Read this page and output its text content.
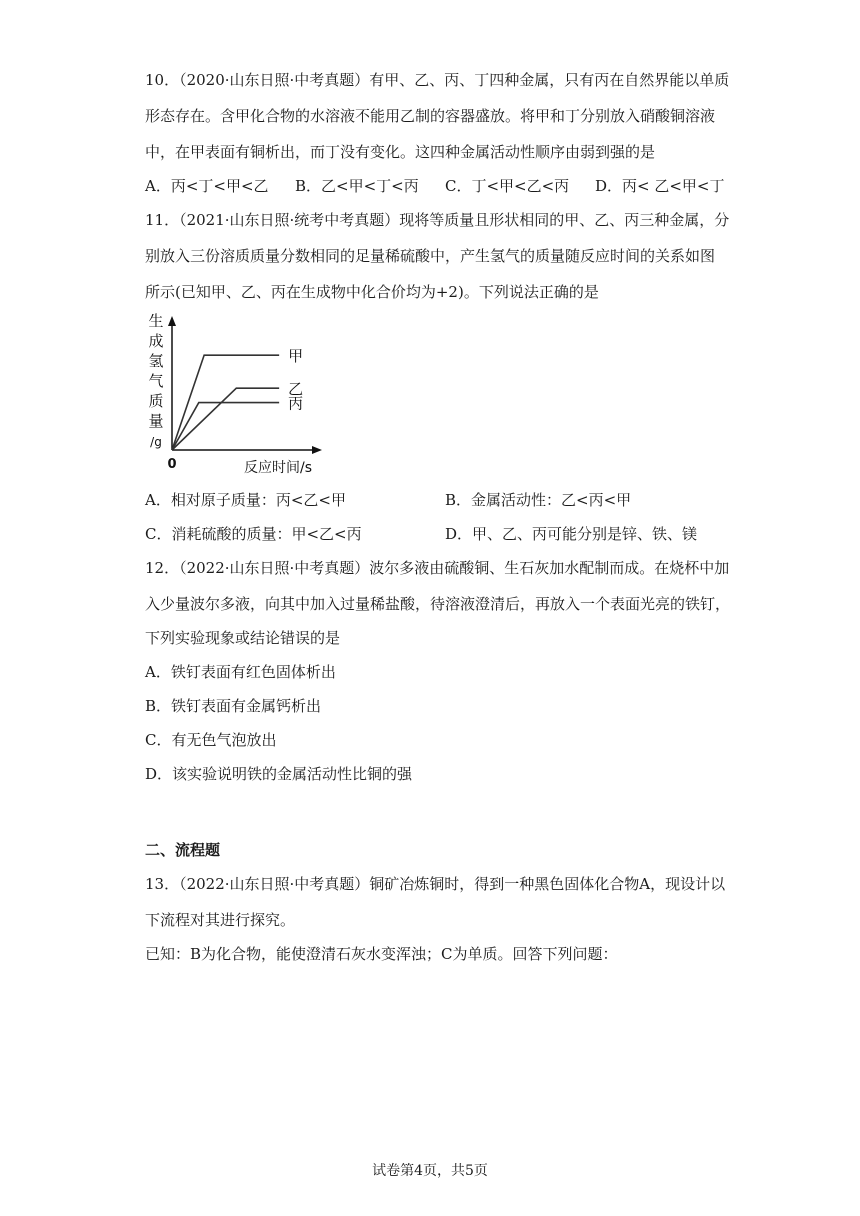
10．（2020·山东日照·中考真题）有甲、乙、丙、丁四种金属，只有丙在自然界能以单质
形态存在。含甲化合物的水溶液不能用乙制的容器盛放。将甲和丁分别放入硝酸铜溶液
中，在甲表面有铜析出，而丁没有变化。这四种金属活动性顺序由弱到强的是
A．丙<丁<甲<乙 B．乙<甲<丁<丙 C．丁<甲<乙<丙 D．丙< 乙<甲<丁
11．（2021·山东日照·统考中考真题）现将等质量且形状相同的甲、乙、丙三种金属，分
别放入三份溶质质量分数相同的足量稀硫酸中，产生氢气的质量随反应时间的关系如图
所示(已知甲、乙、丙在生成物中化合价均为+2)。下列说法正确的是
生
成
氢
气
质
量
/g
0	反应时间/s
甲
乙
丙
A．相对原子质量：丙<乙<甲	B．金属活动性：乙<丙<甲
C．消耗硫酸的质量：甲<乙<丙	D．甲、乙、丙可能分别是锌、铁、镁
12．（2022·山东日照·中考真题）波尔多液由硫酸铜、生石灰加水配制而成。在烧杯中加
入少量波尔多液，向其中加入过量稀盐酸，待溶液澄清后，再放入一个表面光亮的铁钉，
下列实验现象或结论错误的是
A．铁钉表面有红色固体析出
B．铁钉表面有金属钙析出
C．有无色气泡放出
D．该实验说明铁的金属活动性比铜的强
二、流程题
13．（2022·山东日照·中考真题）铜矿冶炼铜时，得到一种黑色固体化合物A，现设计以
下流程对其进行探究。
已知：B为化合物，能使澄清石灰水变浑浊；C为单质。回答下列问题：
试卷第4页，共5页
